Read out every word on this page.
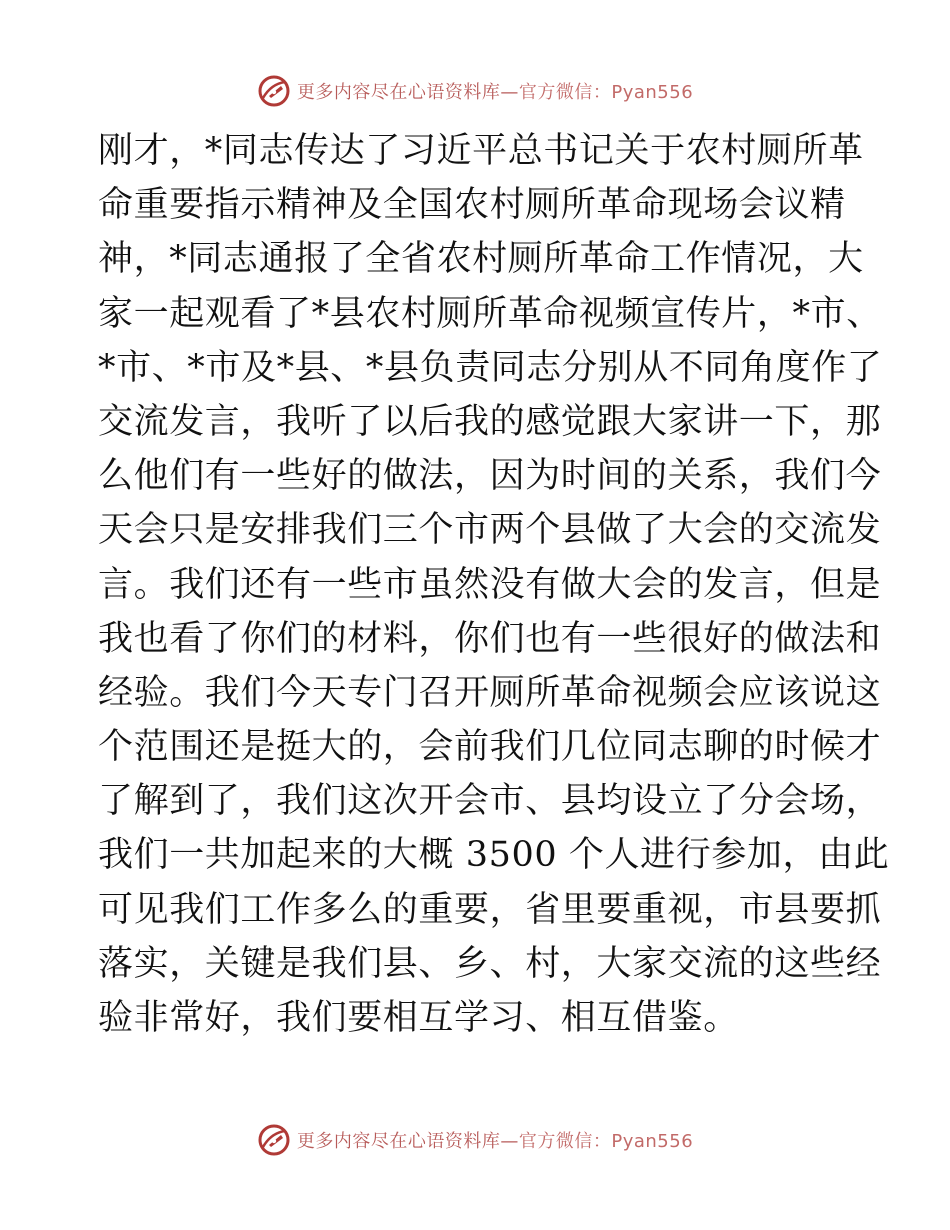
更多内容尽在心语资料库—官方微信：Pyan556
刚才，*同志传达了习近平总书记关于农村厕所革
命重要指示精神及全国农村厕所革命现场会议精
神，*同志通报了全省农村厕所革命工作情况，大
家一起观看了*县农村厕所革命视频宣传片，*市、
*市、*市及*县、*县负责同志分别从不同角度作了
交流发言，我听了以后我的感觉跟大家讲一下，那
么他们有一些好的做法，因为时间的关系，我们今
天会只是安排我们三个市两个县做了大会的交流发
言。我们还有一些市虽然没有做大会的发言，但是
我也看了你们的材料，你们也有一些很好的做法和
经验。我们今天专门召开厕所革命视频会应该说这
个范围还是挺大的，会前我们几位同志聊的时候才
了解到了，我们这次开会市、县均设立了分会场，
我们一共加起来的大概 3500 个人进行参加，由此
可见我们工作多么的重要，省里要重视，市县要抓
落实，关键是我们县、乡、村，大家交流的这些经
验非常好，我们要相互学习、相互借鉴。
更多内容尽在心语资料库—官方微信：Pyan556
